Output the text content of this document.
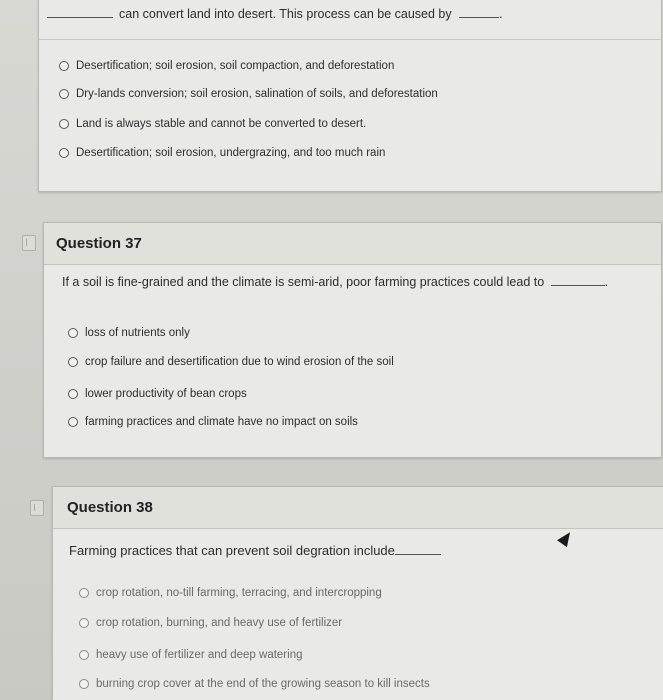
can convert land into desert. This process can be caused by	.
Desertification; soil erosion, soil compaction, and deforestation
Dry-lands conversion; soil erosion, salination of soils, and deforestation
Land is always stable and cannot be converted to desert.
Desertification; soil erosion, undergrazing, and too much rain
Question 37
If a soil is fine-grained and the climate is semi-arid, poor farming practices could lead to	.
loss of nutrients only
crop failure and desertification due to wind erosion of the soil
lower productivity of bean crops
farming practices and climate have no impact on soils
Question 38
Farming practices that can prevent soil degration include
crop rotation, no-till farming, terracing, and intercropping
crop rotation, burning, and heavy use of fertilizer
heavy use of fertilizer and deep watering
burning crop cover at the end of the growing season to kill insects
